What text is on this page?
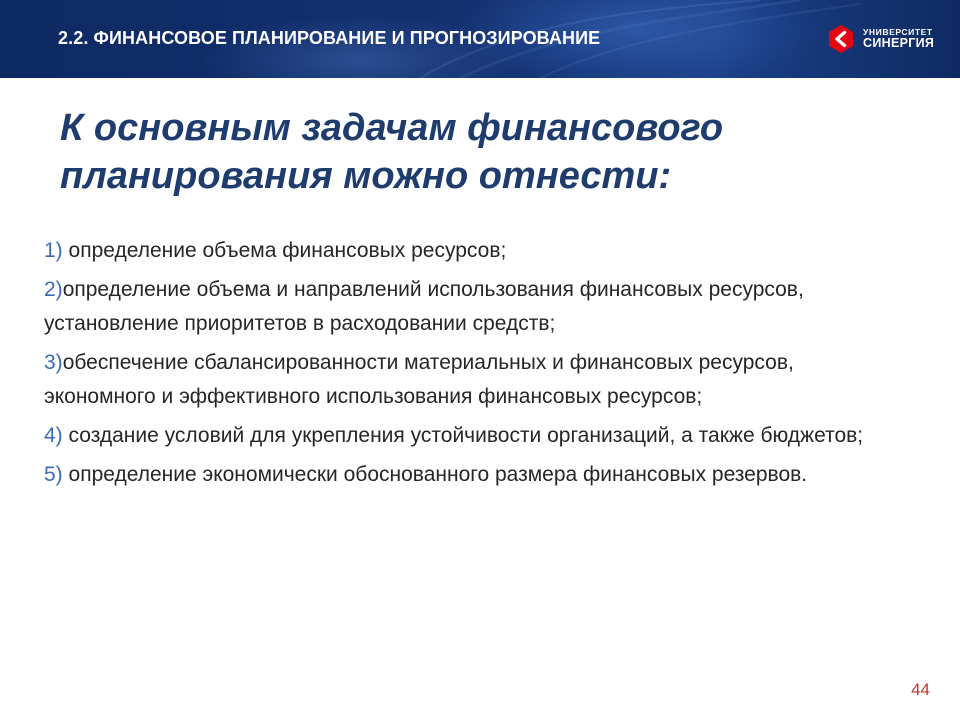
2.2. ФИНАНСОВОЕ ПЛАНИРОВАНИЕ И ПРОГНОЗИРОВАНИЕ	УНИВЕРСИТЕТ
СИНЕРГИЯ
К основным задачам финансового
планирования можно отнести:
1) определение объема финансовых ресурсов;
2)определение объема и направлений использования финансовых ресурсов, установление приоритетов в расходовании средств;
3)обеспечение сбалансированности материальных и финансовых ресурсов, экономного и эффективного использования финансовых ресурсов;
4) создание условий для укрепления устойчивости организаций, а также бюджетов;
5) определение экономически обоснованного размера финансовых резервов.
44
